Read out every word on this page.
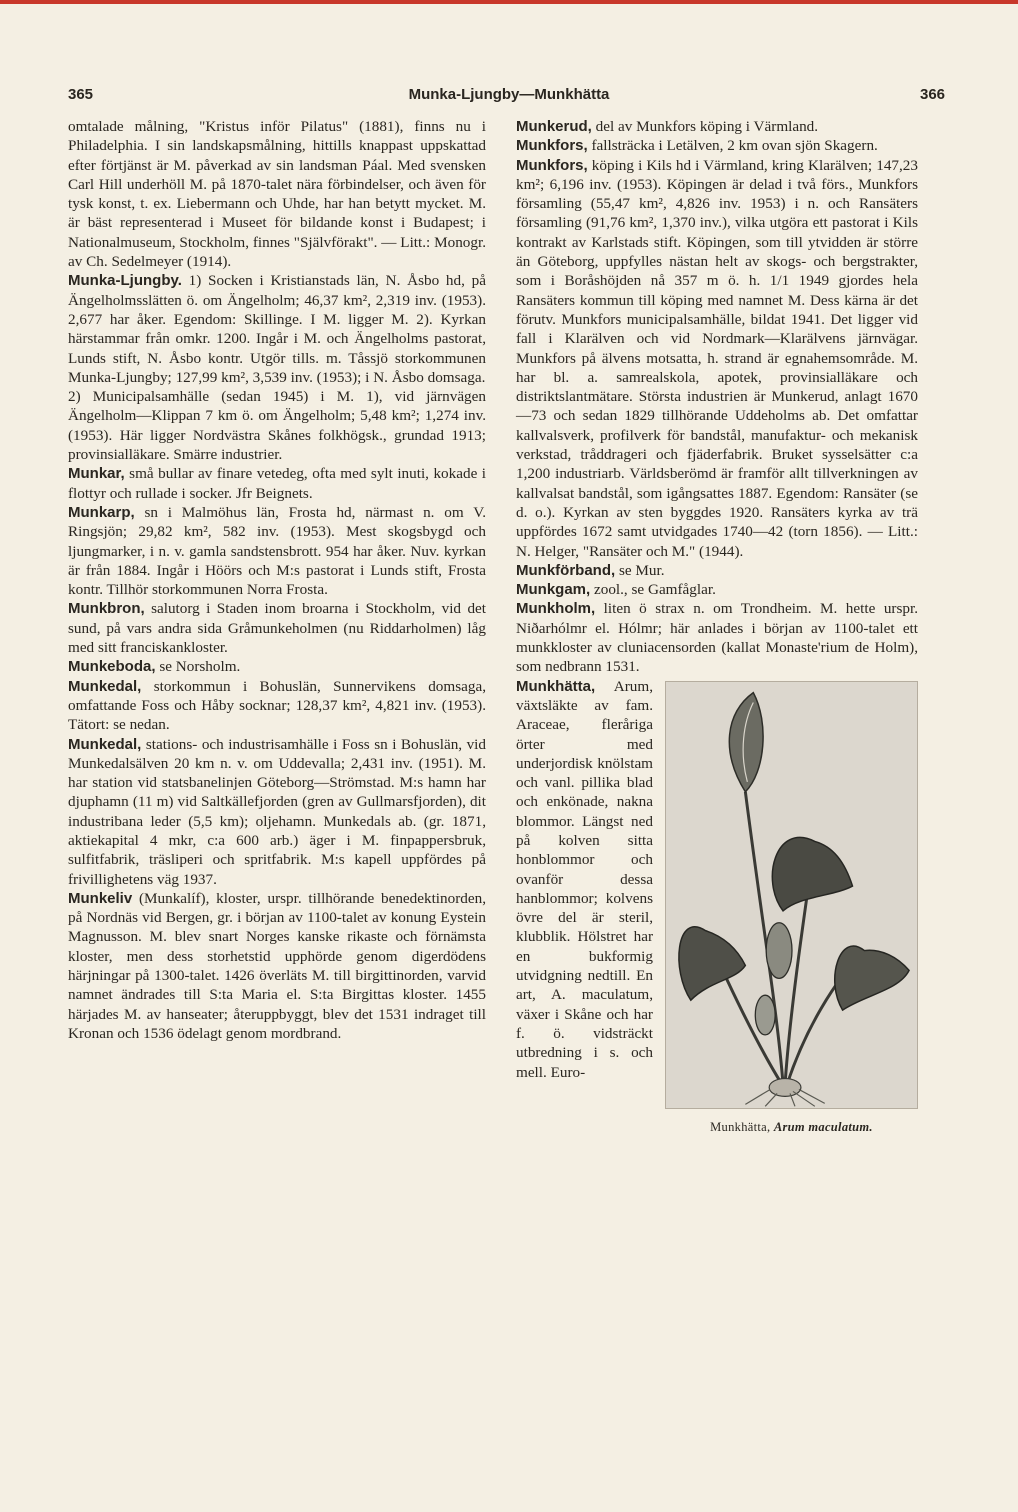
365	Munka-Ljungby—Munkhätta	366

omtalade målning, "Kristus inför Pilatus" (1881), finns nu i Philadelphia. I sin landskapsmålning, hittills knappast uppskattad efter förtjänst är M. påverkad av sin landsman Páal. Med svensken Carl Hill underhöll M. på 1870-talet nära förbindelser, och även för tysk konst, t. ex. Liebermann och Uhde, har han betytt mycket. M. är bäst representerad i Museet för bildande konst i Budapest; i Nationalmuseum, Stockholm, finnes "Självförakt". — Litt.: Monogr. av Ch. Sedelmeyer (1914).

Munka-Ljungby. 1) Socken i Kristianstads län, N. Åsbo hd, på Ängelholmsslätten ö. om Ängelholm; 46,37 km², 2,319 inv. (1953). 2,677 har åker. Egendom: Skillinge. I M. ligger M. 2). Kyrkan härstammar från omkr. 1200. Ingår i M. och Ängelholms pastorat, Lunds stift, N. Åsbo kontr. Utgör tills. m. Tåssjö storkommunen Munka-Ljungby; 127,99 km², 3,539 inv. (1953); i N. Åsbo domsaga.

2) Municipalsamhälle (sedan 1945) i M. 1), vid järnvägen Ängelholm—Klippan 7 km ö. om Ängelholm; 5,48 km²; 1,274 inv. (1953). Här ligger Nordvästra Skånes folkhögsk., grundad 1913; provinsialläkare. Smärre industrier.

Munkar, små bullar av finare vetedeg, ofta med sylt inuti, kokade i flottyr och rullade i socker. Jfr Beignets.

Munkarp, sn i Malmöhus län, Frosta hd, närmast n. om V. Ringsjön; 29,82 km², 582 inv. (1953). Mest skogsbygd och ljungmarker, i n. v. gamla sandstensbrott. 954 har åker. Nuv. kyrkan är från 1884. Ingår i Höörs och M:s pastorat i Lunds stift, Frosta kontr. Tillhör storkommunen Norra Frosta.

Munkbron, salutorg i Staden inom broarna i Stockholm, vid det sund, på vars andra sida Gråmunkeholmen (nu Riddarholmen) låg med sitt franciskankloster.

Munkeboda, se Norsholm.

Munkedal, storkommun i Bohuslän, Sunnervikens domsaga, omfattande Foss och Håby socknar; 128,37 km², 4,821 inv. (1953). Tätort: se nedan.

Munkedal, stations- och industrisamhälle i Foss sn i Bohuslän, vid Munkedalsälven 20 km n. v. om Uddevalla; 2,431 inv. (1951). M. har station vid statsbanelinjen Göteborg—Strömstad. M:s hamn har djuphamn (11 m) vid Saltkällefjorden (gren av Gullmarsfjorden), dit industribana leder (5,5 km); oljehamn. Munkedals ab. (gr. 1871, aktiekapital 4 mkr, c:a 600 arb.) äger i M. finpappersbruk, sulfitfabrik, träsliperi och spritfabrik. M:s kapell uppfördes på frivillighetens väg 1937.

Munkeliv (Munkalíf), kloster, urspr. tillhörande benedektinorden, på Nordnäs vid Bergen, gr. i början av 1100-talet av konung Eystein Magnusson. M. blev snart Norges kanske rikaste och förnämsta kloster, men dess storhetstid upphörde genom digerdödens härjningar på 1300-talet. 1426 överläts M. till birgittinorden, varvid namnet ändrades till S:ta Maria el. S:ta Birgittas kloster. 1455 härjades M. av hanseater; återuppbyggt, blev det 1531 indraget till Kronan och 1536 ödelagt genom mordbrand.

Munkerud, del av Munkfors köping i Värmland.

Munkfors, fallsträcka i Letälven, 2 km ovan sjön Skagern.

Munkfors, köping i Kils hd i Värmland, kring Klarälven; 147,23 km²; 6,196 inv. (1953). Köpingen är delad i två förs., Munkfors församling (55,47 km², 4,826 inv. 1953) i n. och Ransäters församling (91,76 km², 1,370 inv.), vilka utgöra ett pastorat i Kils kontrakt av Karlstads stift. Köpingen, som till ytvidden är större än Göteborg, uppfylles nästan helt av skogs- och bergstrakter, som i Boråshöjden nå 357 m ö. h. 1/1 1949 gjordes hela Ransäters kommun till köping med namnet M. Dess kärna är det förutv. Munkfors municipalsamhälle, bildat 1941. Det ligger vid fall i Klarälven och vid Nordmark—Klarälvens järnvägar. Munkfors på älvens motsatta, h. strand är egnahemsområde. M. har bl. a. samrealskola, apotek, provinsialläkare och distriktslantmätare. Största industrien är Munkerud, anlagt 1670—73 och sedan 1829 tillhörande Uddeholms ab. Det omfattar kallvalsverk, profilverk för bandstål, manufaktur- och mekanisk verkstad, tråddrageri och fjäderfabrik. Bruket sysselsätter c:a 1,200 industriarb. Världsberömd är framför allt tillverkningen av kallvalsat bandstål, som igångsattes 1887. Egendom: Ransäter (se d. o.). Kyrkan av sten byggdes 1920. Ransäters kyrka av trä uppfördes 1672 samt utvidgades 1740—42 (torn 1856). — Litt.: N. Helger, "Ransäter och M." (1944).

Munkförband, se Mur.

Munkgam, zool., se Gamfåglar.

Munkholm, liten ö strax n. om Trondheim. M. hette urspr. Niðarhólmr el. Hólmr; här anlades i början av 1100-talet ett munkkloster av cluniacensorden (kallat Monaste'rium de Holm), som nedbrann 1531.

Munkhätta, Arum maculatum.
Munkhätta, Arum, växtsläkte av fam. Araceae, fleråriga örter med underjordisk knölstam och vanl. pillika blad och enkönade, nakna blommor. Längst ned på kolven sitta honblommor och ovanför dessa hanblommor; kolvens övre del är steril, klubblik. Hölstret har en bukformig utvidgning nedtill. En art, A. maculatum, växer i Skåne och har f. ö. vidsträckt utbredning i s. och mell. Euro-
